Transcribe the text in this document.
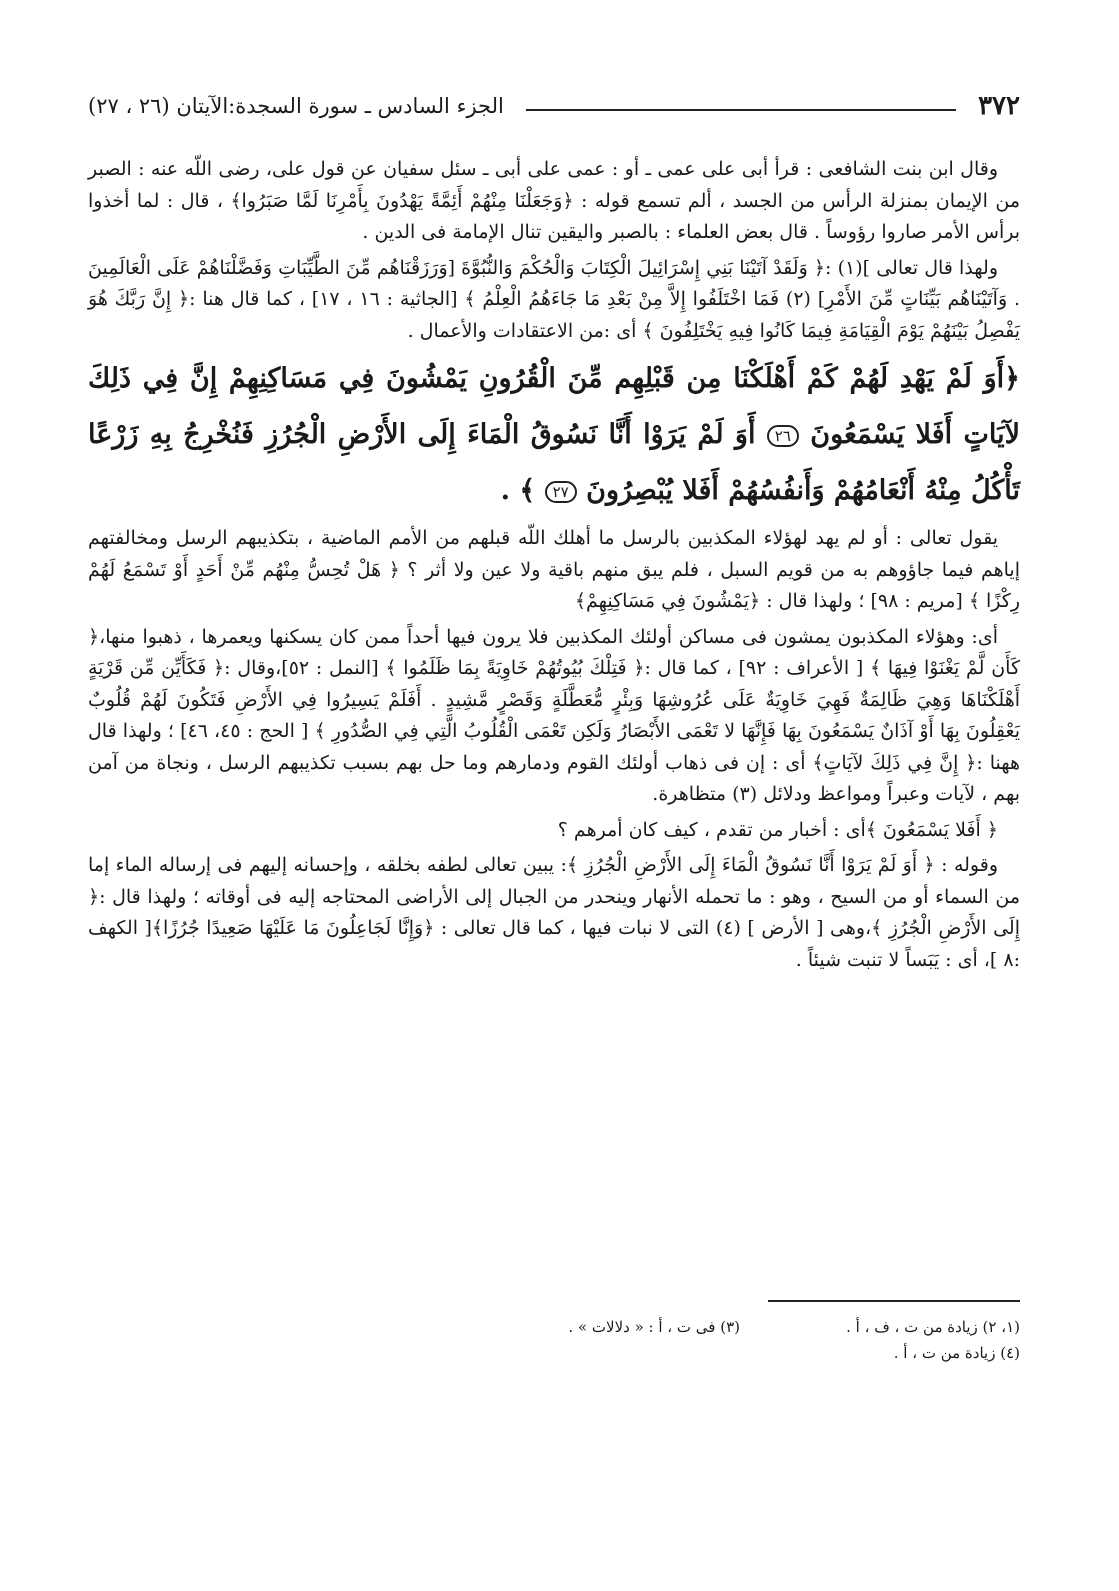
٣٧٢
الجزء السادس ـ سورة السجدة:الآيتان (٢٦ ، ٢٧)

وقال ابن بنت الشافعى : قرأ أبى على عمى ـ أو : عمى على أبى ـ سئل سفيان عن قول على، رضى اللّه عنه : الصبر من الإيمان بمنزلة الرأس من الجسد ، ألم تسمع قوله : ﴿وَجَعَلْنَا مِنْهُمْ أَئِمَّةً يَهْدُونَ بِأَمْرِنَا لَمَّا صَبَرُوا﴾ ، قال : لما أخذوا برأس الأمر صاروا رؤوساً . قال بعض العلماء : بالصبر واليقين تنال الإمامة فى الدين .

ولهذا قال تعالى ](١) :﴿ وَلَقَدْ آتَيْنَا بَنِي إِسْرَائِيلَ الْكِتَابَ وَالْحُكْمَ وَالنُّبُوَّةَ [وَرَزَقْنَاهُم مِّنَ الطَّيِّبَاتِ وَفَضَّلْنَاهُمْ عَلَى الْعَالَمِينَ . وَآتَيْنَاهُم بَيِّنَاتٍ مِّنَ الأَمْرِ] (٢) فَمَا اخْتَلَفُوا إِلاَّ مِنْ بَعْدِ مَا جَاءَهُمُ الْعِلْمُ ﴾ [الجاثية : ١٦ ، ١٧] ، كما قال هنا :﴿ إِنَّ رَبَّكَ هُوَ يَفْصِلُ بَيْنَهُمْ يَوْمَ الْقِيَامَةِ فِيمَا كَانُوا فِيهِ يَخْتَلِفُونَ ﴾ أى :من الاعتقادات والأعمال .

﴿أَوَ لَمْ يَهْدِ لَهُمْ كَمْ أَهْلَكْنَا مِن قَبْلِهِم مِّنَ الْقُرُونِ يَمْشُونَ فِي مَسَاكِنِهِمْ إِنَّ فِي ذَلِكَ لآيَاتٍ أَفَلا يَسْمَعُونَ ٢٦ أَوَ لَمْ يَرَوْا أَنَّا نَسُوقُ الْمَاءَ إِلَى الأَرْضِ الْجُرُزِ فَنُخْرِجُ بِهِ زَرْعًا تَأْكُلُ مِنْهُ أَنْعَامُهُمْ وَأَنفُسُهُمْ أَفَلا يُبْصِرُونَ ٢٧ ﴾ .

يقول تعالى : أو لم يهد لهؤلاء المكذبين بالرسل ما أهلك اللّه قبلهم من الأمم الماضية ، بتكذيبهم الرسل ومخالفتهم إياهم فيما جاؤوهم به من قويم السبل ، فلم يبق منهم باقية ولا عين ولا أثر ؟ ﴿ هَلْ تُحِسُّ مِنْهُم مِّنْ أَحَدٍ أَوْ تَسْمَعُ لَهُمْ رِكْزًا ﴾ [مريم : ٩٨] ؛ ولهذا قال : ﴿يَمْشُونَ فِي مَسَاكِنِهِمْ﴾

أى: وهؤلاء المكذبون يمشون فى مساكن أولئك المكذبين فلا يرون فيها أحداً ممن كان يسكنها ويعمرها ، ذهبوا منها،﴿ كَأَن لَّمْ يَغْنَوْا فِيهَا ﴾ [ الأعراف : ٩٢] ، كما قال :﴿ فَتِلْكَ بُيُوتُهُمْ خَاوِيَةً بِمَا ظَلَمُوا ﴾ [النمل : ٥٢]،وقال :﴿ فَكَأَيِّن مِّن قَرْيَةٍ أَهْلَكْنَاهَا وَهِيَ ظَالِمَةٌ فَهِيَ خَاوِيَةٌ عَلَى عُرُوشِهَا وَبِئْرٍ مُّعَطَّلَةٍ وَقَصْرٍ مَّشِيدٍ . أَفَلَمْ يَسِيرُوا فِي الأَرْضِ فَتَكُونَ لَهُمْ قُلُوبٌ يَعْقِلُونَ بِهَا أَوْ آذَانٌ يَسْمَعُونَ بِهَا فَإِنَّهَا لا تَعْمَى الأَبْصَارُ وَلَكِن تَعْمَى الْقُلُوبُ الَّتِي فِي الصُّدُورِ ﴾ [ الحج : ٤٥، ٤٦] ؛ ولهذا قال ههنا :﴿ إِنَّ فِي ذَلِكَ لآيَاتٍ﴾ أى : إن فى ذهاب أولئك القوم ودمارهم وما حل بهم بسبب تكذيبهم الرسل ، ونجاة من آمن بهم ، لآيات وعبراً ومواعظ ودلائل (٣) متظاهرة.

﴿ أَفَلا يَسْمَعُونَ ﴾أى : أخبار من تقدم ، كيف كان أمرهم ؟

وقوله : ﴿ أَوَ لَمْ يَرَوْا أَنَّا نَسُوقُ الْمَاءَ إِلَى الأَرْضِ الْجُرُزِ ﴾: يبين تعالى لطفه بخلقه ، وإحسانه إليهم فى إرساله الماء إما من السماء أو من السيح ، وهو : ما تحمله الأنهار وينحدر من الجبال إلى الأراضى المحتاجه إليه فى أوقاته ؛ ولهذا قال :﴿ إِلَى الأَرْضِ الْجُرُزِ ﴾،وهى [ الأرض ] (٤) التى لا نبات فيها ، كما قال تعالى : ﴿وَإِنَّا لَجَاعِلُونَ مَا عَلَيْهَا صَعِيدًا جُرُزًا﴾[ الكهف :٨ ]، أى : يَبَساً لا تنبت شيئاً .

(١، ٢) زيادة من ت ، ف ، أ .
(٣) فى ت ، أ : « دلالات » .
(٤) زيادة من ت ، أ .
